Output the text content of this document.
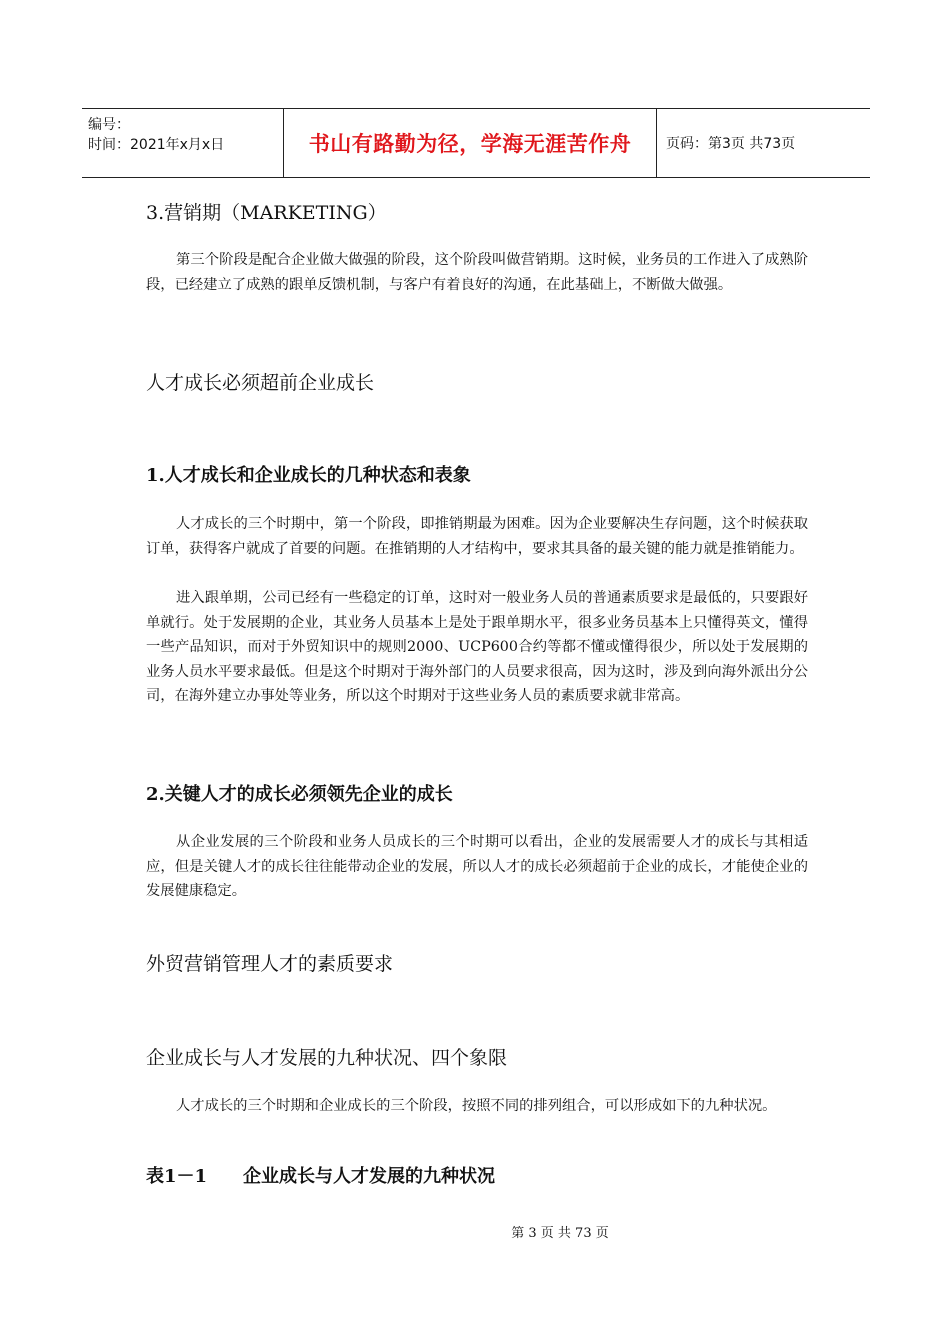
编号：
时间：2021年x月x日	书山有路勤为径，学海无涯苦作舟 页码：第3页 共73页

3.营销期（MARKETING）

第三个阶段是配合企业做大做强的阶段，这个阶段叫做营销期。这时候，业务员的工作进入了成熟阶段，已经建立了成熟的跟单反馈机制，与客户有着良好的沟通，在此基础上，不断做大做强。

人才成长必须超前企业成长
1.人才成长和企业成长的几种状态和表象

人才成长的三个时期中，第一个阶段，即推销期最为困难。因为企业要解决生存问题，这个时候获取订单，获得客户就成了首要的问题。在推销期的人才结构中，要求其具备的最关键的能力就是推销能力。

进入跟单期，公司已经有一些稳定的订单，这时对一般业务人员的普通素质要求是最低的，只要跟好单就行。处于发展期的企业，其业务人员基本上是处于跟单期水平，很多业务员基本上只懂得英文，懂得一些产品知识，而对于外贸知识中的规则2000、UCP600合约等都不懂或懂得很少，所以处于发展期的业务人员水平要求最低。但是这个时期对于海外部门的人员要求很高，因为这时，涉及到向海外派出分公司，在海外建立办事处等业务，所以这个时期对于这些业务人员的素质要求就非常高。

2.关键人才的成长必须领先企业的成长

从企业发展的三个阶段和业务人员成长的三个时期可以看出，企业的发展需要人才的成长与其相适应，但是关键人才的成长往往能带动企业的发展，所以人才的成长必须超前于企业的成长，才能使企业的发展健康稳定。

外贸营销管理人才的素质要求
企业成长与人才发展的九种状况、四个象限

人才成长的三个时期和企业成长的三个阶段，按照不同的排列组合，可以形成如下的九种状况。

表1－1　　企业成长与人才发展的九种状况
第 3 页 共 73 页
